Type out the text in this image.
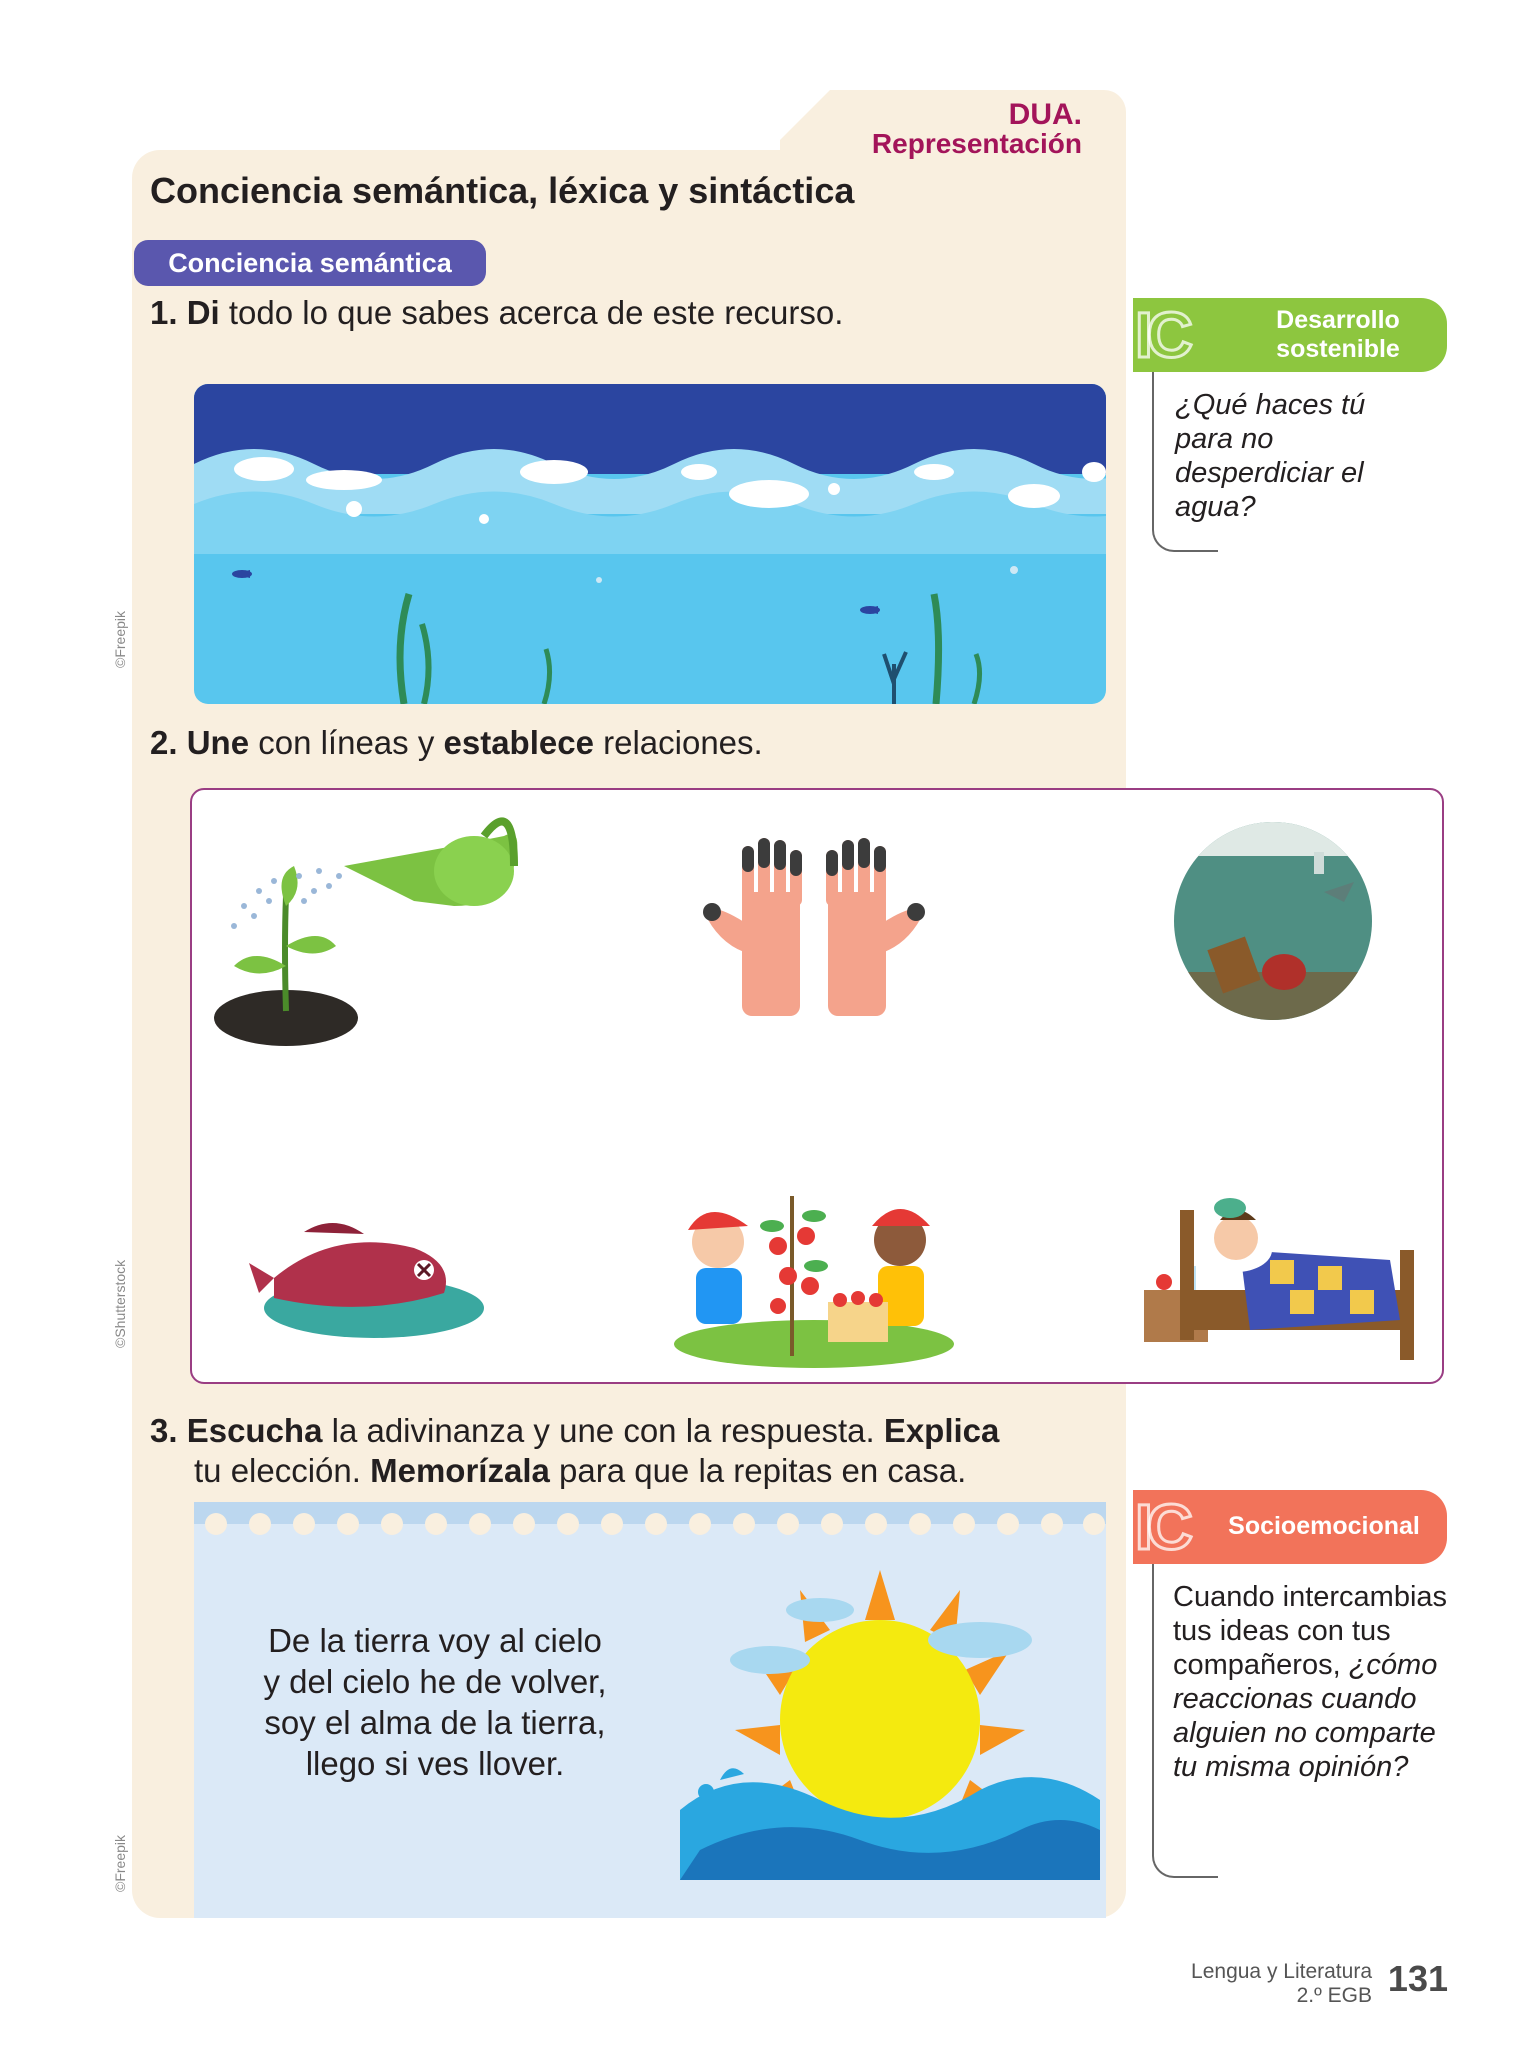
DUA.
Representación
Conciencia semántica, léxica y sintáctica
Conciencia semántica
1. Di todo lo que sabes acerca de este recurso.	IC	Desarrollo
sostenible
¿Qué haces tú para no desperdiciar el agua?
©Freepik
2. Une con líneas y establece relaciones.
©Shutterstock
3. Escucha la adivinanza y une con la respuesta. Explica
tu elección. Memorízala para que la repitas en casa.
De la tierra voy al cielo
y del cielo he de volver,
soy el alma de la tierra,
llego si ves llover.
IC	Socioemocional
Cuando intercambias tus ideas con tus compañeros, ¿cómo reaccionas cuando alguien no comparte tu misma opinión?
©Freepik
Lengua y Literatura
2.º EGB 131
